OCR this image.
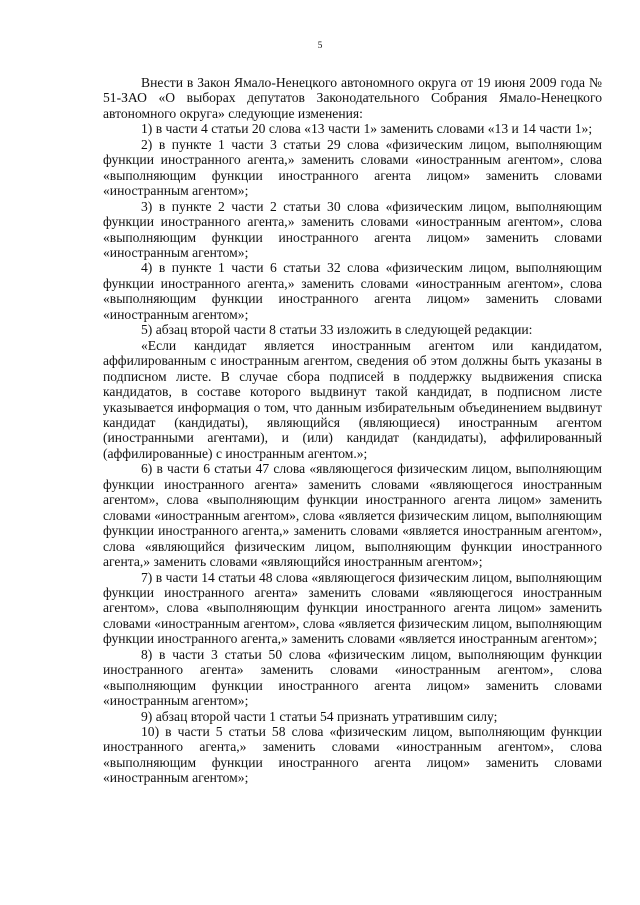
5

Внести в Закон Ямало-Ненецкого автономного округа от 19 июня 2009 года № 51-ЗАО «О выборах депутатов Законодательного Собрания Ямало-Ненецкого автономного округа» следующие изменения:

1) в части 4 статьи 20 слова «13 части 1» заменить словами «13 и 14 части 1»;

2) в пункте 1 части 3 статьи 29 слова «физическим лицом, выполняющим функции иностранного агента,» заменить словами «иностранным агентом», слова «выполняющим функции иностранного агента лицом» заменить словами «иностранным агентом»;

3) в пункте 2 части 2 статьи 30 слова «физическим лицом, выполняющим функции иностранного агента,» заменить словами «иностранным агентом», слова «выполняющим функции иностранного агента лицом» заменить словами «иностранным агентом»;

4) в пункте 1 части 6 статьи 32 слова «физическим лицом, выполняющим функции иностранного агента,» заменить словами «иностранным агентом», слова «выполняющим функции иностранного агента лицом» заменить словами «иностранным агентом»;

5) абзац второй части 8 статьи 33 изложить в следующей редакции:

«Если кандидат является иностранным агентом или кандидатом, аффилированным с иностранным агентом, сведения об этом должны быть указаны в подписном листе. В случае сбора подписей в поддержку выдвижения списка кандидатов, в составе которого выдвинут такой кандидат, в подписном листе указывается информация о том, что данным избирательным объединением выдвинут кандидат (кандидаты), являющийся (являющиеся) иностранным агентом (иностранными агентами), и (или) кандидат (кандидаты), аффилированный (аффилированные) с иностранным агентом.»;

6) в части 6 статьи 47 слова «являющегося физическим лицом, выполняющим функции иностранного агента» заменить словами «являющегося иностранным агентом», слова «выполняющим функции иностранного агента лицом» заменить словами «иностранным агентом», слова «является физическим лицом, выполняющим функции иностранного агента,» заменить словами «является иностранным агентом», слова «являющийся физическим лицом, выполняющим функции иностранного агента,» заменить словами «являющийся иностранным агентом»;

7) в части 14 статьи 48 слова «являющегося физическим лицом, выполняющим функции иностранного агента» заменить словами «являющегося иностранным агентом», слова «выполняющим функции иностранного агента лицом» заменить словами «иностранным агентом», слова «является физическим лицом, выполняющим функции иностранного агента,» заменить словами «является иностранным агентом»;

8) в части 3 статьи 50 слова «физическим лицом, выполняющим функции иностранного агента» заменить словами «иностранным агентом», слова «выполняющим функции иностранного агента лицом» заменить словами «иностранным агентом»;

9) абзац второй части 1 статьи 54 признать утратившим силу;

10) в части 5 статьи 58 слова «физическим лицом, выполняющим функции иностранного агента,» заменить словами «иностранным агентом», слова «выполняющим функции иностранного агента лицом» заменить словами «иностранным агентом»;
